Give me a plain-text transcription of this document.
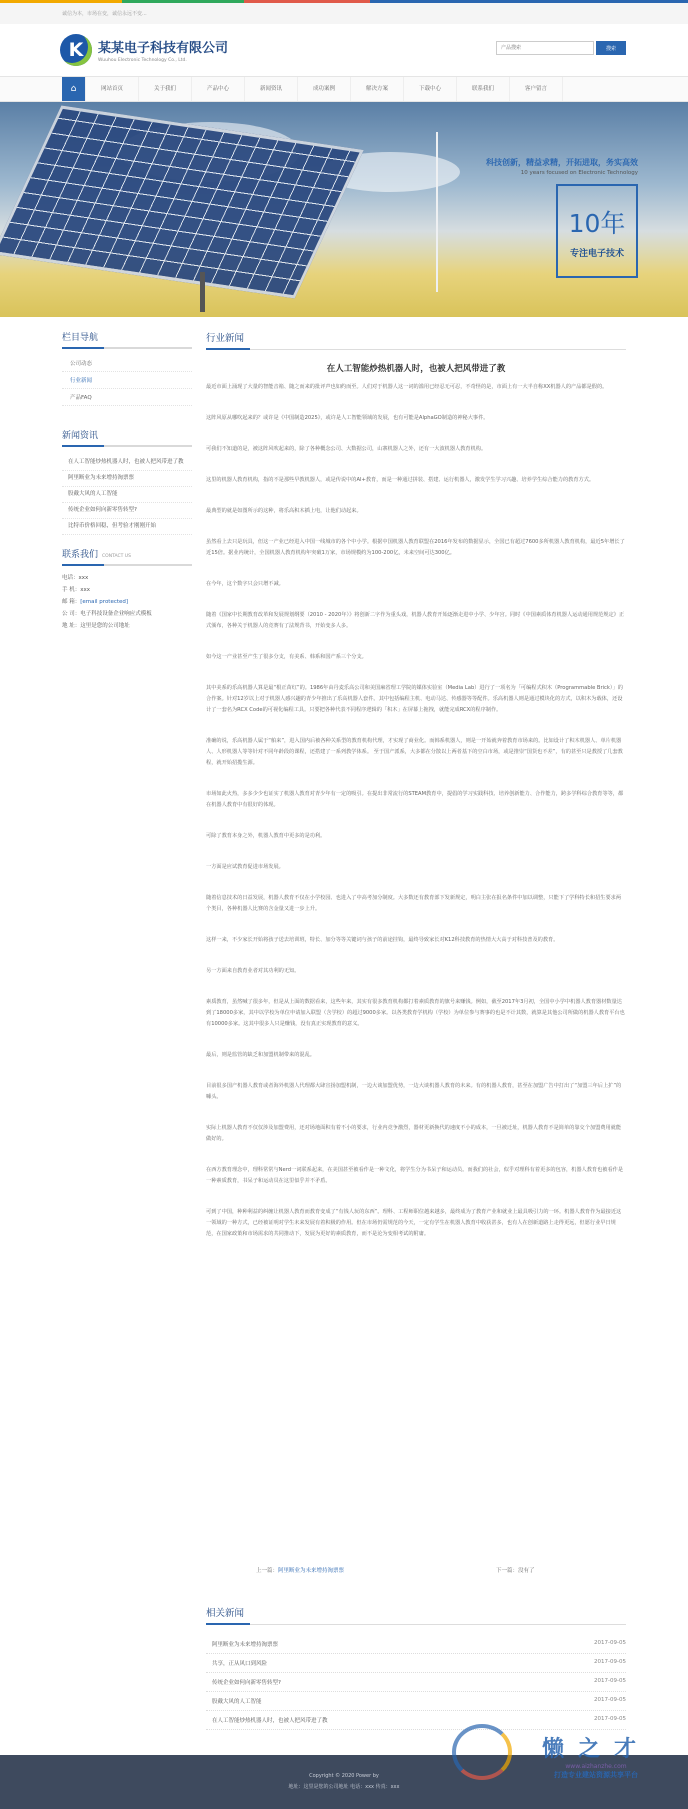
诚信为本，市场在变，诚信永远不变...
K	某某电子科技有限公司
Wuuhou Electronic Technology Co., Ltd.
产品搜索
搜索
⌂	网站首页	关于我们	产品中心	新闻资讯	成功案例	解决方案	下载中心	联系我们	客户留言
科技创新，精益求精，开拓进取，务实高效
10 years focused on Electronic Technology
10年
专注电子技术
栏目导航
公司动态
行业新闻
产品FAQ
新闻资讯
在人工智能炒热机器人时，也被人把风带进了教
阿里断业为未来增持淘票票
股戴大风的人工智能
传统企业如何向新零售转型?
比特币价格回稳，但考验才刚刚开始
联系我们 CONTACT US
电话：xxx
手 机：xxx
邮 箱：[email protected]
公 司：电子科技设备企业响应式模板
地 址：这里是您的公司地址
行业新闻
在人工智能炒热机器人时，也被人把风带进了教

最近市面上涌现了大量的智能音箱、随之而来的批评声也如约而至。人们对于机器人这一词的滥用已经忍无可忍，不奇怪的是，市面上有一大半自称XX机器人的产品都是假的。

这阵风原从哪吹起来的？或许是《中国制造2025》，或许是人工智能领域的发展，也有可能是AlphaGO制造的神秘大事件。

可我们不知道的是，被这阵风吹起来的，除了各种概念公司、大数据公司，山寨机器人之外，还有一大波机器人教育机构。

这里的机器人教育机构，指的不是那些早教机器人，或是传说中的AI+教育，而是一种通过拼装、搭建、运行机器人，激发学生学习兴趣、培养学生综合能力的教育方式。

最典型的就是如图所示的这种，将乐高积木插上电，让他们动起来。

虽然看上去只是玩具，但这一产业已经进入中国一线城市的各个中小学。根据中国机器人教育联盟在2016年发布的数据显示，全国已有超过7600多所机器人教育机构，最近5年增长了近15倍。据业内统计，全国机器人教育机构年突破1万家，市场规模约为100-200亿，未来空间可达300亿。

在今年，这个数字只会只增不减。

随着《国家中长期教育改革和发展规划纲要（2010 - 2020年）》将创新二字作为重头戏，机器人教育开始逐渐走进中小学、少年宫。同时《中国素质体育机器人运动通用规范规定》正式颁布，各种关于机器人的竞赛有了法规背书，开始变多人多。

如今这一产业甚至产生了很多分支，有美系、韩系和国产系三个分支。

其中美系的乐高机器人算是最“根正苗红”的。1986年由丹麦乐高公司和美国麻省理工学院的媒体实验室（Media Lab）进行了一项名为「可编程式积木（Programmable Brick）」的合作案。针对12岁以上对于机器人感兴趣的青少年推出了乐高机器人套件。其中包括编程主机、电动马达、传感器等等配件。乐高机器人则是通过模块化的方式，以积木为载体，还设计了一套名为RCX Code的可视化编程工具。只要把各种代表不同程序逻辑的「积木」在屏幕上拖拽，就能完成RCX的程序制作。

准确的说，乐高机器人属于“舶来”，进入国内后被各种关系型的教育机构代理，才实现了商业化。而韩系机器人，则是一开始就奔着教育市场来的。比如设计了积木机器人、单片机器人、人形机器人等等针对不同年龄段的课程，还搭建了一系列教学体系。 至于国产派系，大多都在分散以上两者基下的空白市场，或是推崇“国货也不差”，有的甚至只是教授了几套教程，就开始招揽生源。

市场如此火热，多多少少也证实了机器人教育对青少年有一定的吸引。在提出非常流行的STEAM教育中，提倡的学习实践科技、培养创新能力、合作能力，跨多学科综合教育等等，都在机器人教育中有很好的体现。

可除了教育本身之外，机器人教育中更多的是功利。

一方面是应试教育促进市场发展。

随着信息技术的日益发展，机器人教育不仅在小学校园、也进入了中高考加分制度。大多数还有教育部下发新规定，明白主张在报名条件中加以调整，只能下了学科特长和招生要求两个类目，各种机器人比赛的含金量又进一步上升。

这样一来，不少家长开始将孩子送去培训班，特长、加分等等关键词与孩子的前途挂钩，最终导致家长对K12科技教育的热情大大高于对科技普及的教育。

另一方面来自教育业者对其功利的无知。

素质教育，虽然喊了很多年，但是从上面的数据看来，这些年来，其实有很多教育机构都打着素质教育的旗号来赚钱。例如，截至2017年3月初，全国中小学中机器人教育器材数量达到了18000多家，其中以学校为单位申请加入联盟（含学校）的超过9000多家。以各类教育学机构（学校）为单位参与赛事的也是不计其数，就算是其他公司所做的机器人教育平台也有10000多家。这其中很多人只是赚钱，没有真正实现教育的意义。

最后，则是监管的缺乏和加盟机制带来的混乱。

目前很多国产机器人教育或者海外机器人代理都大肆宣扬加盟机制，一边大谈加盟优势，一边大谈机器人教育的未来。有的机器人教育，甚至在加盟广告中打出了“加盟三年后上扩”的噱头。

实际上机器人教育不仅仅涉及加盟费用，还对场地面积有着不小的要求，行业内竞争激烈，器材更新换代的速度不小的成本，一旦被迁址，机器人教育不是简单的靠交个加盟费用就能做好的。

在西方教育理念中，理科常常与Nerd一词联系起来，在美国甚至被看作是一种文化，将学生分为书呆子和运动员。而我们的社会，似乎对理科有着更多的包容，机器人教育也被看作是一种素质教育，书呆子和运动员在这里似乎并不矛盾。

可到了中国，种种利益的纠缠让机器人教育而教育变成了“有钱人玩的东西”。理科、工程师职位越来越多，最终成为了教育产业和就业上最具吸引力的一环。机器人教育作为最接近这一领域的一种方式，已经被证明对学生未来发展有着积极的作用。但在市场仍需规范的今天，一定有学生在机器人教育中收获甚多，也有人在创新道路上走得更远，但愿行业早日规范，在国家政策和市场需求的共同推动下，发展为更好的素质教育，而不是沦为变相考试的附庸。

上一篇：阿里断业为未来增持淘票票	下一篇：没有了
相关新闻
阿里断业为未来增持淘票票	2017-09-05
共享，正从风口到风险	2017-09-05
传统企业如何向新零售转型?	2017-09-05
股戴大风的人工智能	2017-09-05
在人工智能炒热机器人时，也被人把风带进了教	2017-09-05
Copyright © 2020 Power by
地址：这里是您的公司地址 电话：xxx 传真：xxx
懒之才
www.aizhanzhe.com
打造专业建站资源共享平台
